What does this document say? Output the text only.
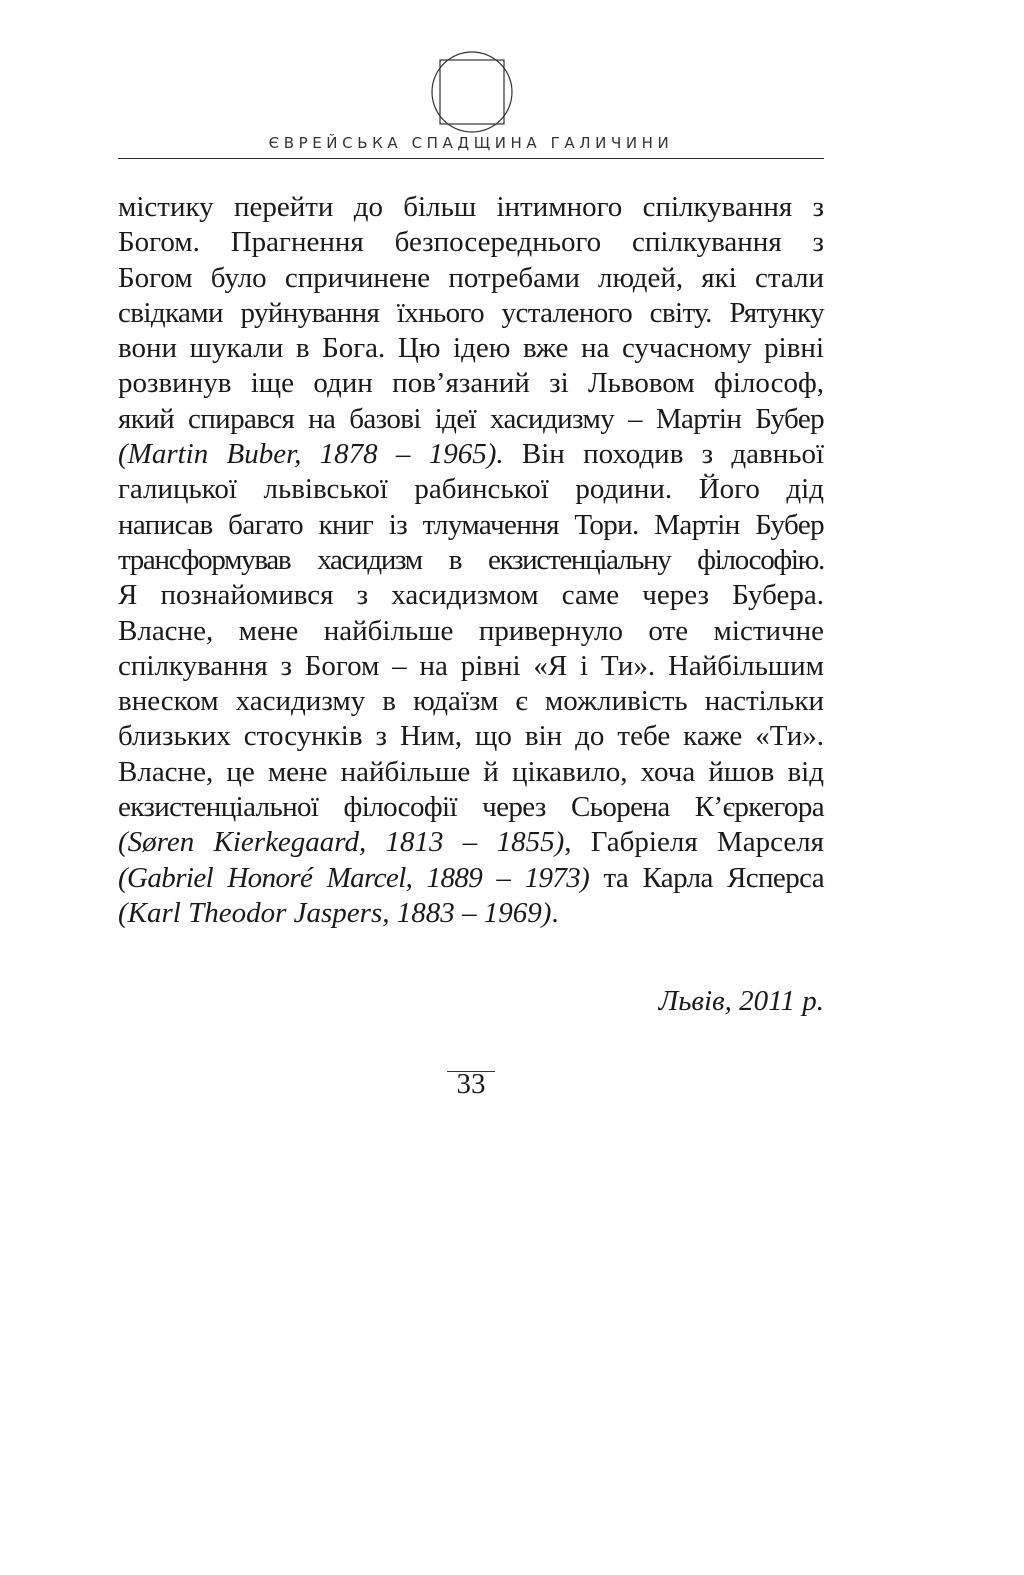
ЄВРЕЙСЬКА СПАДЩИНА ГАЛИЧИНИ
містику перейти до більш інтимного спілкування з
Богом. Прагнення безпосереднього спілкування з
Богом було спричинене потребами людей, які стали
свідками руйнування їхнього усталеного світу. Рятунку
вони шукали в Бога. Цю ідею вже на сучасному рівні
розвинув іще один пов’язаний зі Львовом філософ,
який спирався на базові ідеї хасидизму – Мартін Бубер
(Martin Buber, 1878 – 1965). Він походив з давньої
галицької львівської рабинської родини. Його дід
написав багато книг із тлумачення Тори. Мартін Бубер
трансформував хасидизм в екзистенціальну філософію.
Я познайомився з хасидизмом саме через Бубера.
Власне, мене найбільше привернуло оте містичне
спілкування з Богом – на рівні «Я і Ти». Найбільшим
внеском хасидизму в юдаїзм є можливість настільки
близьких стосунків з Ним, що він до тебе каже «Ти».
Власне, це мене найбільше й цікавило, хоча йшов від
екзистенціальної філософії через Сьорена К’єркегора
(Søren Kierkegaard, 1813 – 1855), Габріеля Марселя
(Gabriel Honoré Marcel, 1889 – 1973) та Карла Ясперса
(Karl Theodor Jaspers, 1883 – 1969).
Львів, 2011 р.
33
